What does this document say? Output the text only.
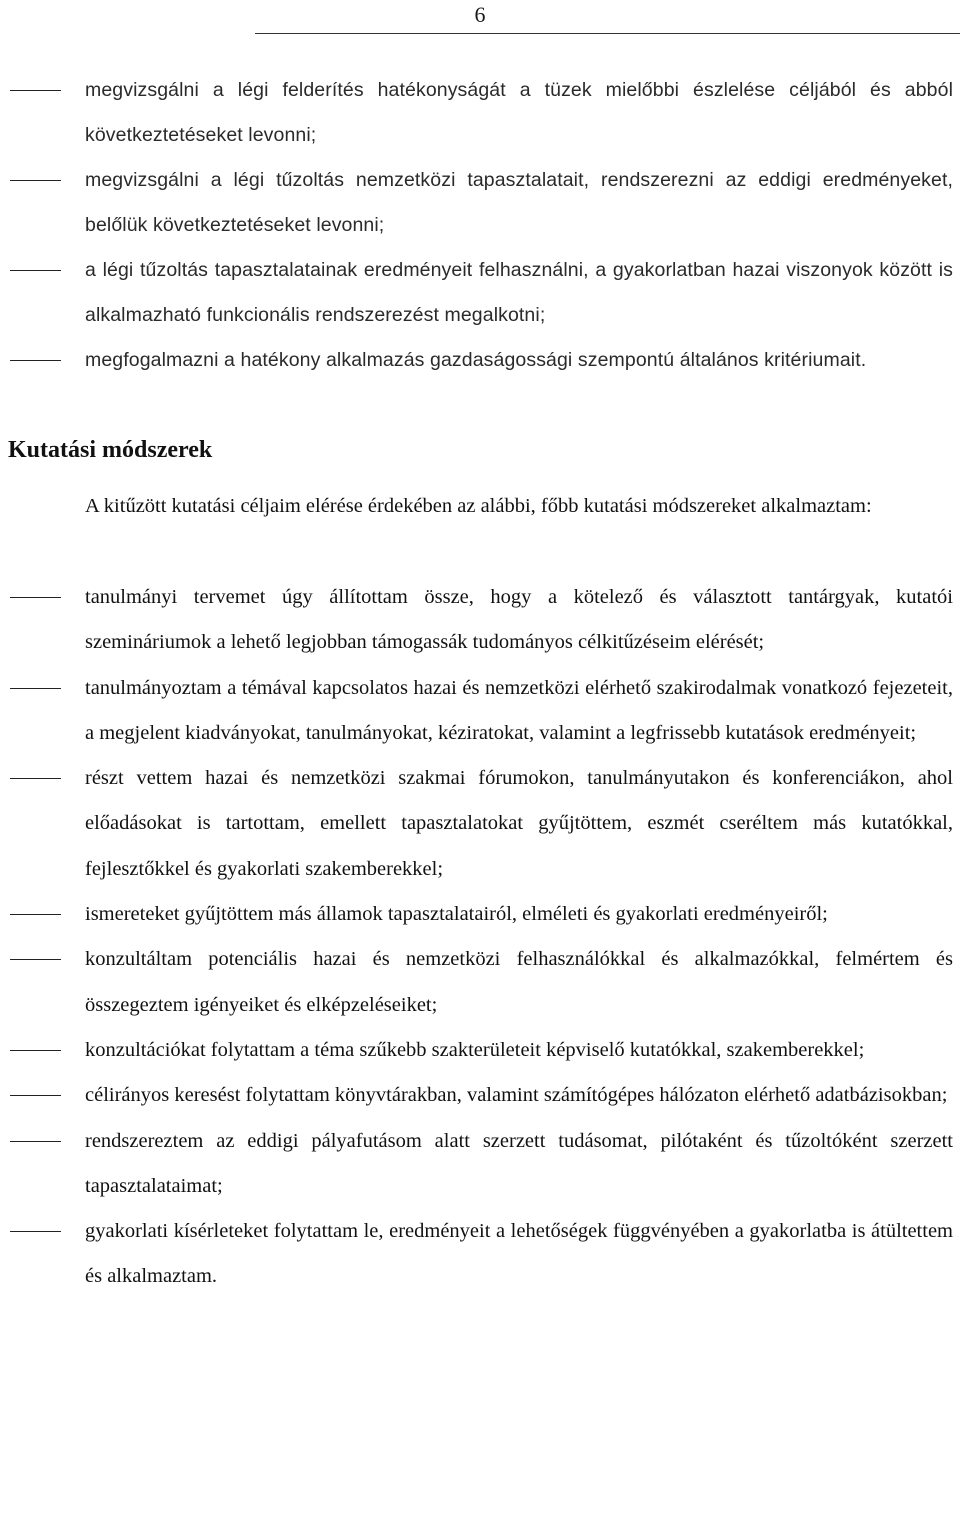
6
megvizsgálni a légi felderítés hatékonyságát a tüzek mielőbbi észlelése céljából és abból következtetéseket levonni;
megvizsgálni a légi tűzoltás nemzetközi tapasztalatait, rendszerezni az eddigi eredményeket, belőlük következtetéseket levonni;
a légi tűzoltás tapasztalatainak eredményeit felhasználni, a gyakorlatban hazai viszonyok között is alkalmazható funkcionális rendszerezést megalkotni;
megfogalmazni a hatékony alkalmazás gazdaságossági szempontú általános kritériumait.
Kutatási módszerek

A kitűzött kutatási céljaim elérése érdekében az alábbi, főbb kutatási módszereket alkalmaztam:

tanulmányi tervemet úgy állítottam össze, hogy a kötelező és választott tantárgyak, kutatói szemináriumok a lehető legjobban támogassák tudományos célkitűzéseim elérését;
tanulmányoztam a témával kapcsolatos hazai és nemzetközi elérhető szakirodalmak vonatkozó fejezeteit, a megjelent kiadványokat, tanulmányokat, kéziratokat, valamint a legfrissebb kutatások eredményeit;
részt vettem hazai és nemzetközi szakmai fórumokon, tanulmányutakon és konferenciákon, ahol előadásokat is tartottam, emellett tapasztalatokat gyűjtöttem, eszmét cseréltem más kutatókkal, fejlesztőkkel és gyakorlati szakemberekkel;
ismereteket gyűjtöttem más államok tapasztalatairól, elméleti és gyakorlati eredményeiről;
konzultáltam potenciális hazai és nemzetközi felhasználókkal és alkalmazókkal, felmértem és összegeztem igényeiket és elképzeléseiket;
konzultációkat folytattam a téma szűkebb szakterületeit képviselő kutatókkal, szakemberekkel;
célirányos keresést folytattam könyvtárakban, valamint számítógépes hálózaton elérhető adatbázisokban;
rendszereztem az eddigi pályafutásom alatt szerzett tudásomat, pilótaként és tűzoltóként szerzett tapasztalataimat;
gyakorlati kísérleteket folytattam le, eredményeit a lehetőségek függvényében a gyakorlatba is átültettem és alkalmaztam.
